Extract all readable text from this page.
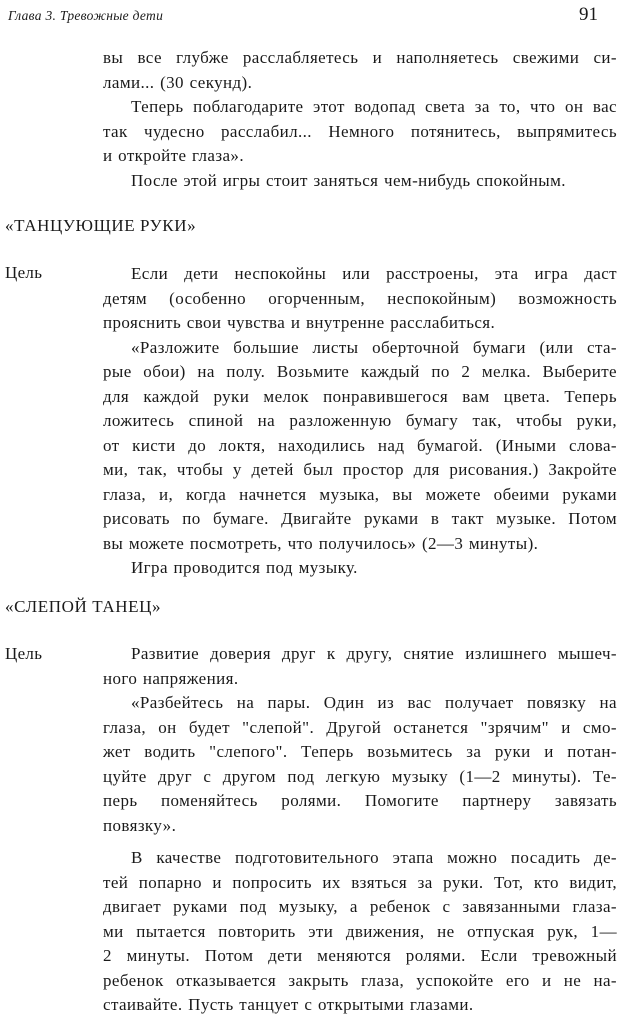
Глава 3. Тревожные дети	91

вы все глубже расслабляетесь и наполняетесь свежими си-

лами... (30 секунд).

Теперь поблагодарите этот водопад света за то, что он вас

так чудесно расслабил... Немного потянитесь, выпрямитесь

и откройте глаза».

После этой игры стоит заняться чем-нибудь спокойным.

«ТАНЦУЮЩИЕ РУКИ»
Цель	Если дети неспокойны или расстроены, эта игра даст

детям (особенно огорченным, неспокойным) возможность

прояснить свои чувства и внутренне расслабиться.

«Разложите большие листы оберточной бумаги (или ста-

рые обои) на полу. Возьмите каждый по 2 мелка. Выберите

для каждой руки мелок понравившегося вам цвета. Теперь

ложитесь спиной на разложенную бумагу так, чтобы руки,

от кисти до локтя, находились над бумагой. (Иными слова-

ми, так, чтобы у детей был простор для рисования.) Закройте

глаза, и, когда начнется музыка, вы можете обеими руками

рисовать по бумаге. Двигайте руками в такт музыке. Потом

вы можете посмотреть, что получилось» (2—3 минуты).

Игра проводится под музыку.

«СЛЕПОЙ ТАНЕЦ»
Цель	Развитие доверия друг к другу, снятие излишнего мышеч-

ного напряжения.

«Разбейтесь на пары. Один из вас получает повязку на

глаза, он будет "слепой". Другой останется "зрячим" и смо-

жет водить "слепого". Теперь возьмитесь за руки и потан-

цуйте друг с другом под легкую музыку (1—2 минуты). Те-

перь поменяйтесь ролями. Помогите партнеру завязать

повязку».

В качестве подготовительного этапа можно посадить де-

тей попарно и попросить их взяться за руки. Тот, кто видит,

двигает руками под музыку, а ребенок с завязанными глаза-

ми пытается повторить эти движения, не отпуская рук, 1—

2 минуты. Потом дети меняются ролями. Если тревожный

ребенок отказывается закрыть глаза, успокойте его и не на-

стаивайте. Пусть танцует с открытыми глазами.
